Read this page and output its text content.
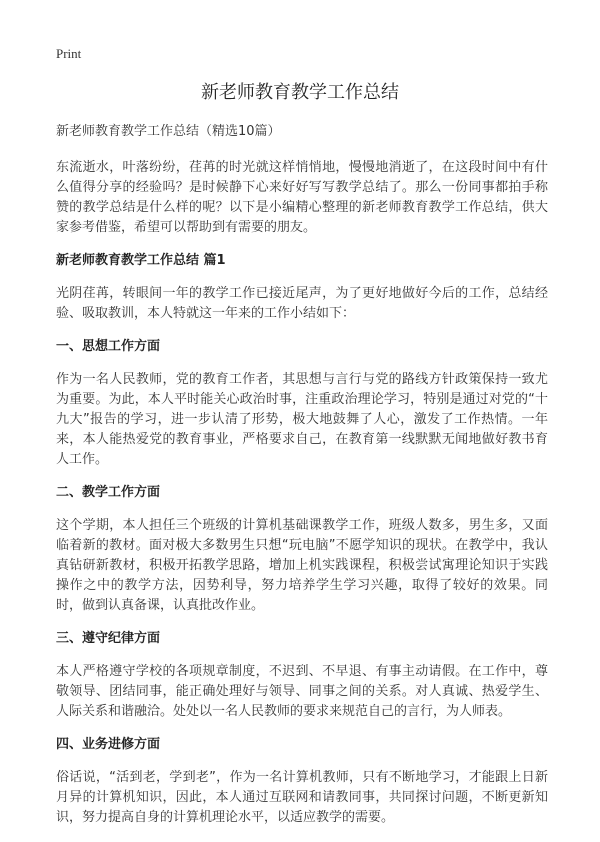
Print
新老师教育教学工作总结

新老师教育教学工作总结（精选10篇）

东流逝水，叶落纷纷，荏苒的时光就这样悄悄地，慢慢地消逝了，在这段时间中有什么值得分享的经验吗？是时候静下心来好好写写教学总结了。那么一份同事都拍手称赞的教学总结是什么样的呢？以下是小编精心整理的新老师教育教学工作总结，供大家参考借鉴，希望可以帮助到有需要的朋友。

新老师教育教学工作总结 篇1

光阴荏苒，转眼间一年的教学工作已接近尾声，为了更好地做好今后的工作，总结经验、吸取教训，本人特就这一年来的工作小结如下：

一、思想工作方面

作为一名人民教师，党的教育工作者，其思想与言行与党的路线方针政策保持一致尤为重要。为此，本人平时能关心政治时事，注重政治理论学习，特别是通过对党的“十九大”报告的学习，进一步认清了形势，极大地鼓舞了人心，激发了工作热情。一年来，本人能热爱党的教育事业，严格要求自己，在教育第一线默默无闻地做好教书育人工作。

二、教学工作方面

这个学期，本人担任三个班级的计算机基础课教学工作，班级人数多，男生多，又面临着新的教材。面对极大多数男生只想“玩电脑”不愿学知识的现状。在教学中，我认真钻研新教材，积极开拓教学思路，增加上机实践课程，积极尝试寓理论知识于实践操作之中的教学方法，因势利导，努力培养学生学习兴趣，取得了较好的效果。同时，做到认真备课，认真批改作业。

三、遵守纪律方面

本人严格遵守学校的各项规章制度，不迟到、不早退、有事主动请假。在工作中，尊敬领导、团结同事，能正确处理好与领导、同事之间的关系。对人真诚、热爱学生、人际关系和谐融洽。处处以一名人民教师的要求来规范自己的言行，为人师表。

四、业务进修方面

俗话说，“活到老，学到老”，作为一名计算机教师，只有不断地学习，才能跟上日新月异的计算机知识，因此，本人通过互联网和请教同事，共同探讨问题，不断更新知识，努力提高自身的计算机理论水平，以适应教学的需要。
